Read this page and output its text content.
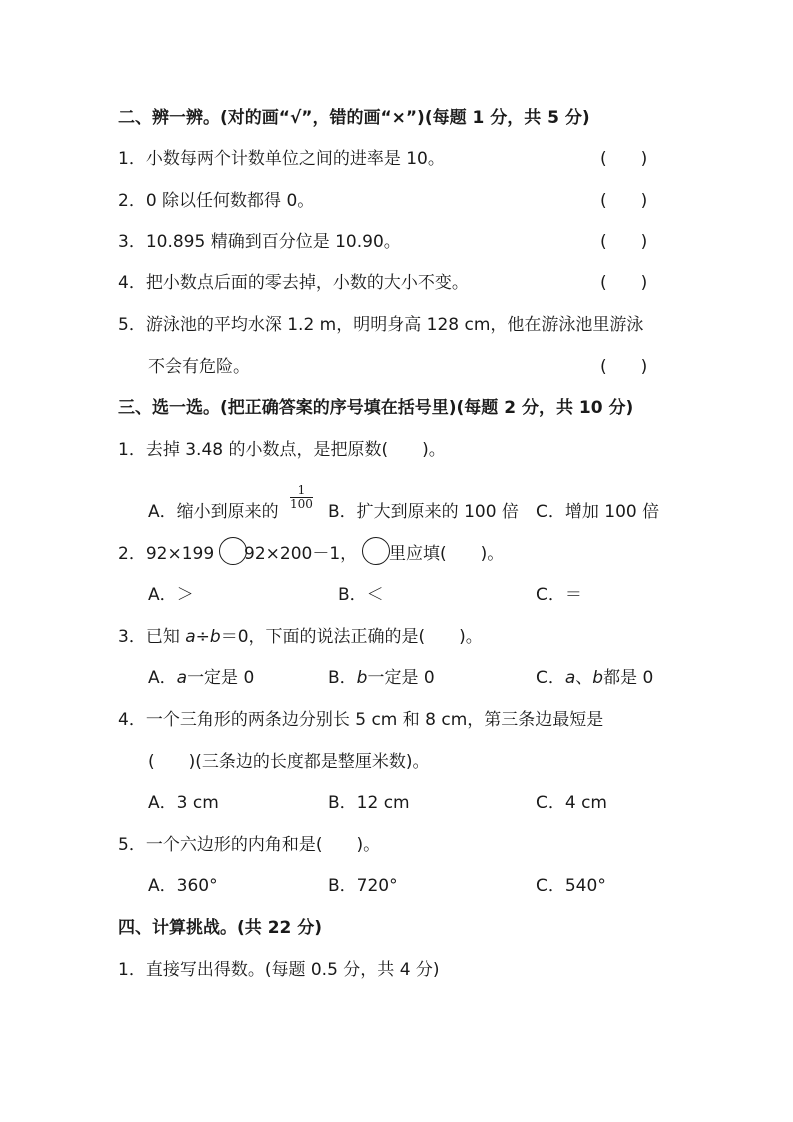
二、辨一辨。(对的画“√”，错的画“×”)(每题 1 分，共 5 分)
1．小数每两个计数单位之间的进率是 10。	(　　)
2．0 除以任何数都得 0。	(　　)
3．10.895 精确到百分位是 10.90。	(　　)
4．把小数点后面的零去掉，小数的大小不变。	(　　)
5．游泳池的平均水深 1.2 m，明明身高 128 cm，他在游泳池里游泳
不会有危险。	(　　)
三、选一选。(把正确答案的序号填在括号里)(每题 2 分，共 10 分)
1．去掉 3.48 的小数点，是把原数(　　)。
A．缩小到原来的
$\frac{1}{100}$
B．扩大到原来的 100 倍 C．增加 100 倍
2．92×199 92×200－1， 里应填(　　)。
A．＞	B．＜	C．＝
3．已知 a÷b＝0，下面的说法正确的是(　　)。
A．a一定是 0	B．b一定是 0	C．a、b都是 0
4．一个三角形的两条边分别长 5 cm 和 8 cm，第三条边最短是
(　　)(三条边的长度都是整厘米数)。
A．3 cm	B．12 cm	C．4 cm
5．一个六边形的内角和是(　　)。
A．360°	B．720°	C．540°
四、计算挑战。(共 22 分)
1．直接写出得数。(每题 0.5 分，共 4 分)
